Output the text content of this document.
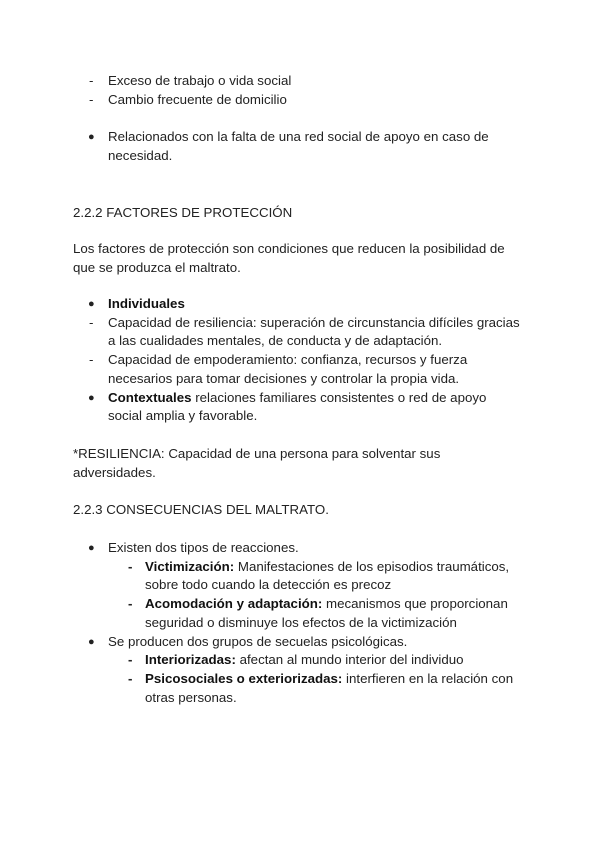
- Exceso de trabajo o vida social
- Cambio frecuente de domicilio
● Relacionados con la falta de una red social de apoyo en caso de necesidad.
2.2.2 FACTORES DE PROTECCIÓN
Los factores de protección son condiciones que reducen la posibilidad de que se produzca el maltrato.
● Individuales
- Capacidad de resiliencia: superación de circunstancia difíciles gracias a las cualidades mentales, de conducta y de adaptación.
- Capacidad de empoderamiento: confianza, recursos y fuerza necesarios para tomar decisiones y controlar la propia vida.
● Contextuales relaciones familiares consistentes o red de apoyo social amplia y favorable.
*RESILIENCIA: Capacidad de una persona para solventar sus adversidades.
2.2.3 CONSECUENCIAS DEL MALTRATO.
● Existen dos tipos de reacciones.
- Victimización: Manifestaciones de los episodios traumáticos, sobre todo cuando la detección es precoz
- Acomodación y adaptación: mecanismos que proporcionan seguridad o disminuye los efectos de la victimización
● Se producen dos grupos de secuelas psicológicas.
- Interiorizadas: afectan al mundo interior del individuo
- Psicosociales o exteriorizadas: interfieren en la relación con otras personas.
